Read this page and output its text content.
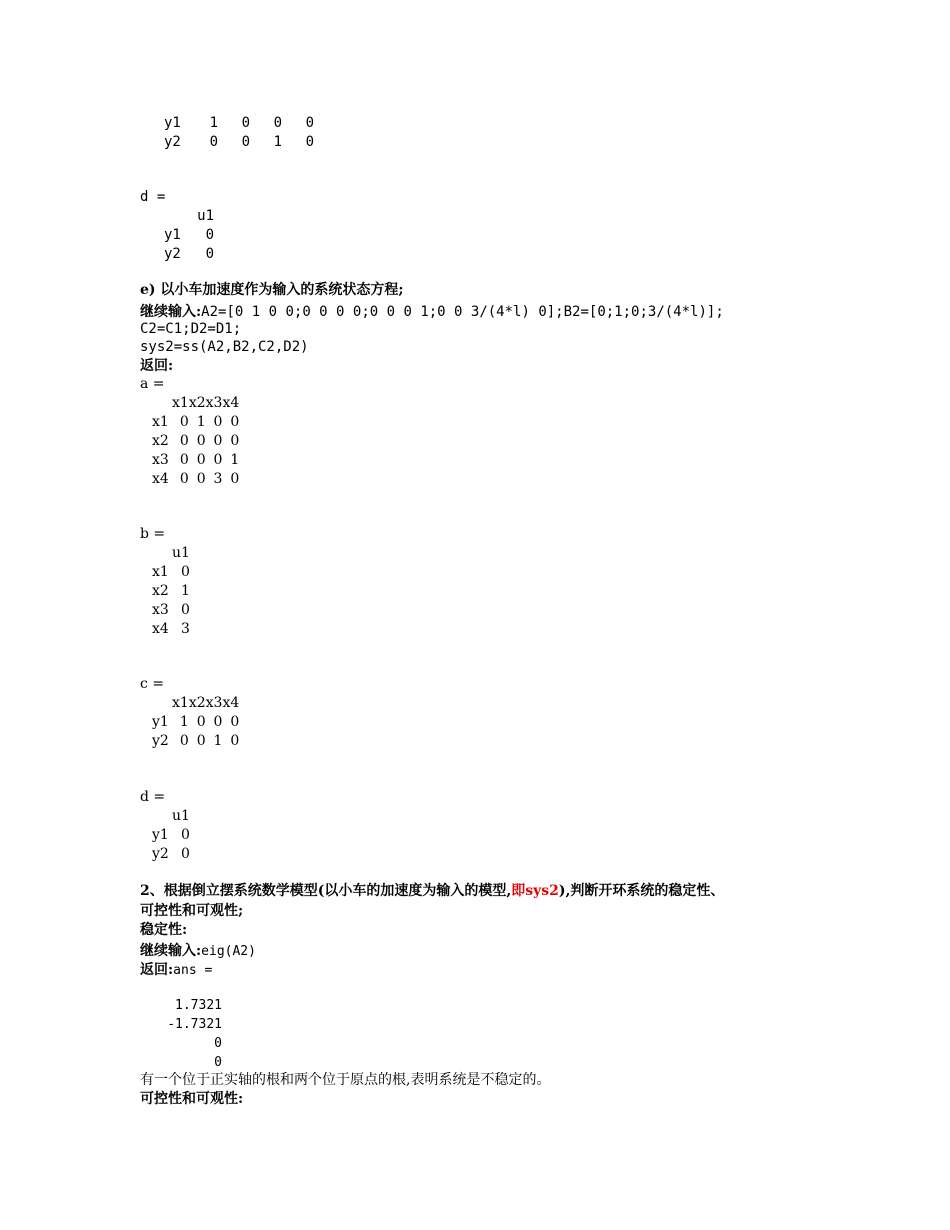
y1	1	0	0	0
y2	0	0	1	0
d =
	u1
y1	0
y2	0
e) 以小车加速度作为输入的系统状态方程;
继续输入:A2=[0 1 0 0;0 0 0 0;0 0 0 1;0 0 3/(4*l) 0];B2=[0;1;0;3/(4*l)];
C2=C1;D2=D1;
sys2=ss(A2,B2,C2,D2)
返回:
a =
	x1	x2	x3	x4
x1	0	1	0	0
x2	0	0	0	0
x3	0	0	0	1
x4	0	0	3	0
b =
	u1
x1	0
x2	1
x3	0
x4	3
c =
	x1	x2	x3	x4
y1	1	0	0	0
y2	0	0	1	0
d =
	u1
y1	0
y2	0
2、根据倒立摆系统数学模型(以小车的加速度为输入的模型,即sys2),判断开环系统的稳定性、
可控性和可观性;
稳定性:
继续输入:eig(A2)
返回:ans =
1.7321
-1.7321
0
0
有一个位于正实轴的根和两个位于原点的根,表明系统是不稳定的。
可控性和可观性:
